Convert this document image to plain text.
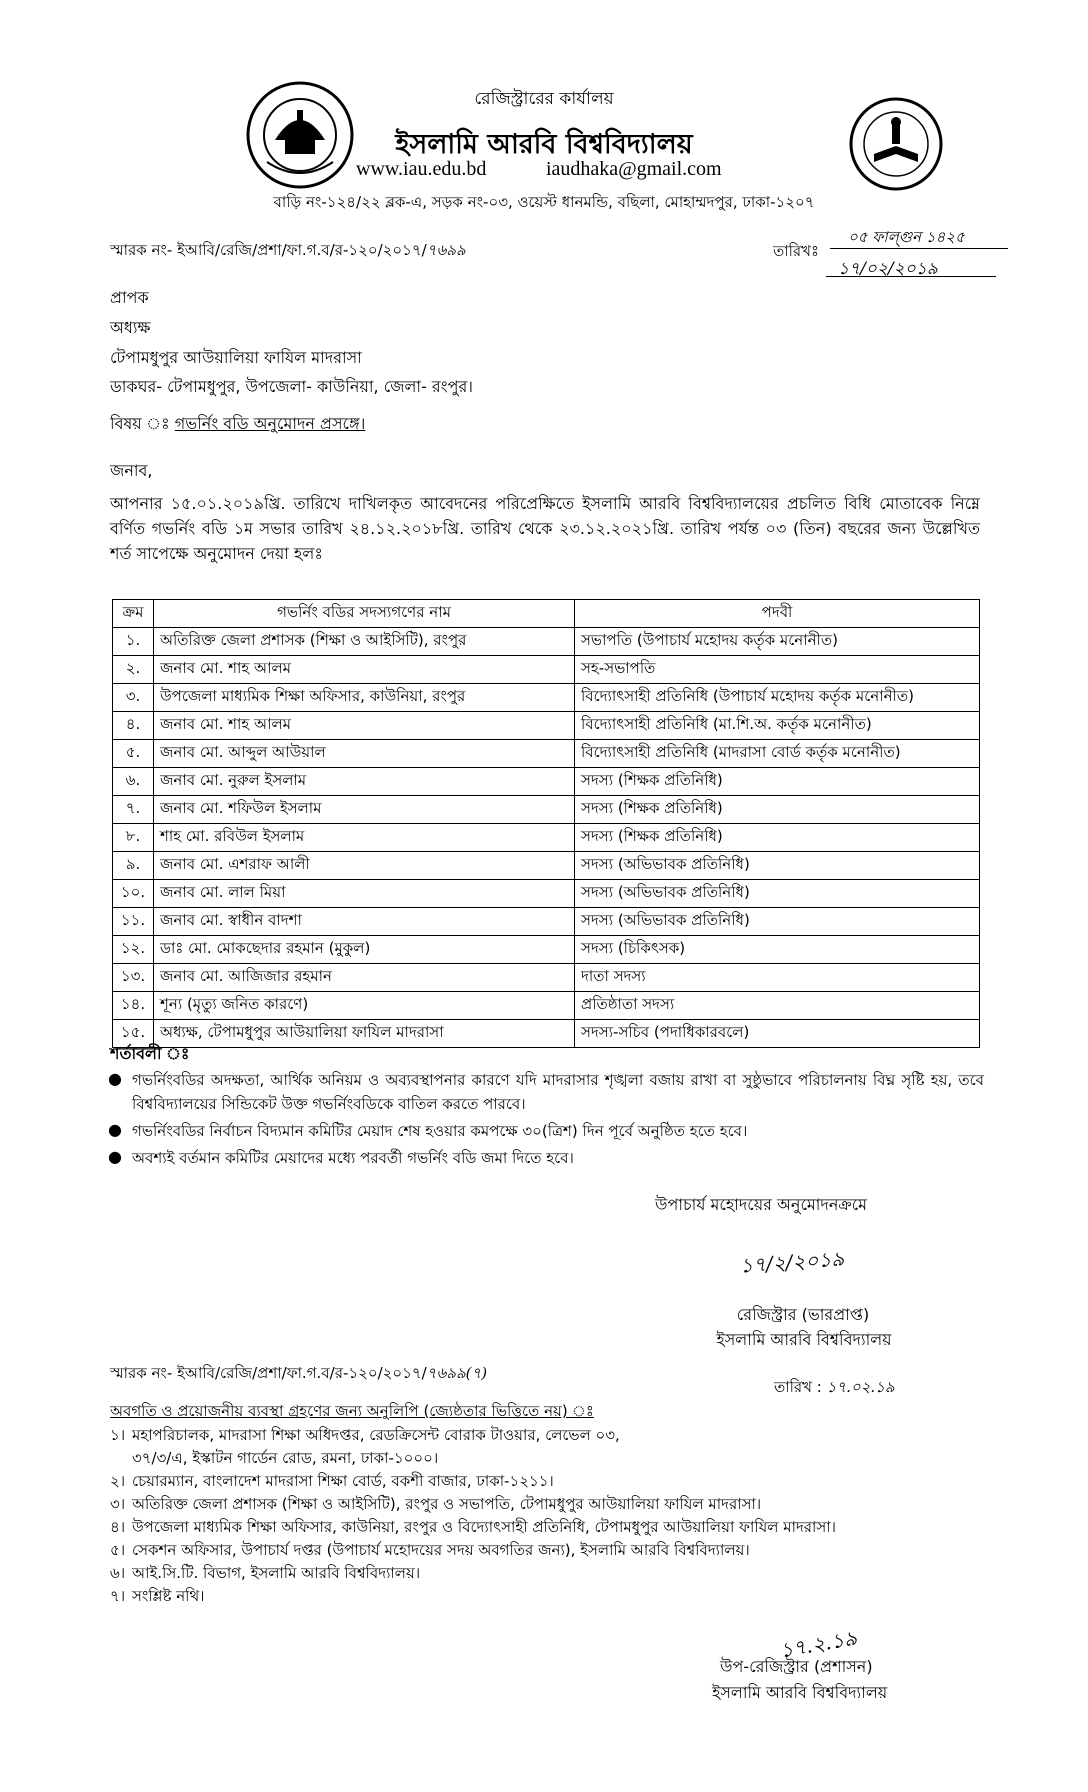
রেজিস্ট্রারের কার্যালয়
ইসলামি আরবি বিশ্ববিদ্যালয়
www.iau.edu.bd	iaudhaka@gmail.com
বাড়ি নং-১২৪/২২ ব্লক-এ, সড়ক নং-০৩, ওয়েস্ট ধানমন্ডি, বছিলা, মোহাম্মদপুর, ঢাকা-১২০৭
স্মারক নং- ইআবি/রেজি/প্রশা/ফা.গ.ব/র-১২০/২০১৭/৭৬৯৯	তারিখঃ
০৫ ফাল্গুন ১৪২৫
১৭/০২/২০১৯
প্রাপক
অধ্যক্ষ
টেপামধুপুর আউয়ালিয়া ফাযিল মাদরাসা
ডাকঘর- টেপামধুপুর, উপজেলা- কাউনিয়া, জেলা- রংপুর।
বিষয় ঃ গভর্নিং বডি অনুমোদন প্রসঙ্গে।
জনাব,
আপনার ১৫.০১.২০১৯খ্রি. তারিখে দাখিলকৃত আবেদনের পরিপ্রেক্ষিতে ইসলামি আরবি বিশ্ববিদ্যালয়ের প্রচলিত বিধি মোতাবেক নিম্নে বর্ণিত গভর্নিং বডি ১ম সভার তারিখ ২৪.১২.২০১৮খ্রি. তারিখ থেকে ২৩.১২.২০২১খ্রি. তারিখ পর্যন্ত ০৩ (তিন) বছরের জন্য উল্লেখিত শর্ত সাপেক্ষে অনুমোদন দেয়া হলঃ
ক্রম	গভর্নিং বডির সদস্যগণের নাম	পদবী
১.	অতিরিক্ত জেলা প্রশাসক (শিক্ষা ও আইসিটি), রংপুর	সভাপতি (উপাচার্য মহোদয় কর্তৃক মনোনীত)
২.	জনাব মো. শাহ আলম	সহ-সভাপতি
৩.	উপজেলা মাধ্যমিক শিক্ষা অফিসার, কাউনিয়া, রংপুর	বিদ্যোৎসাহী প্রতিনিধি (উপাচার্য মহোদয় কর্তৃক মনোনীত)
৪.	জনাব মো. শাহ আলম	বিদ্যোৎসাহী প্রতিনিধি (মা.শি.অ. কর্তৃক মনোনীত)
৫.	জনাব মো. আব্দুল আউয়াল	বিদ্যোৎসাহী প্রতিনিধি (মাদরাসা বোর্ড কর্তৃক মনোনীত)
৬.	জনাব মো. নুরুল ইসলাম	সদস্য (শিক্ষক প্রতিনিধি)
৭.	জনাব মো. শফিউল ইসলাম	সদস্য (শিক্ষক প্রতিনিধি)
৮.	শাহ মো. রবিউল ইসলাম	সদস্য (শিক্ষক প্রতিনিধি)
৯.	জনাব মো. এশরাফ আলী	সদস্য (অভিভাবক প্রতিনিধি)
১০.	জনাব মো. লাল মিয়া	সদস্য (অভিভাবক প্রতিনিধি)
১১.	জনাব মো. স্বাধীন বাদশা	সদস্য (অভিভাবক প্রতিনিধি)
১২.	ডাঃ মো. মোকছেদার রহমান (মুকুল)	সদস্য (চিকিৎসক)
১৩.	জনাব মো. আজিজার রহমান	দাতা সদস্য
১৪.	শূন্য (মৃত্যু জনিত কারণে)	প্রতিষ্ঠাতা সদস্য
১৫.	অধ্যক্ষ, টেপামধুপুর আউয়ালিয়া ফাযিল মাদরাসা	সদস্য-সচিব (পদাধিকারবলে)
শর্তাবলী ঃ
● গভর্নিংবডির অদক্ষতা, আর্থিক অনিয়ম ও অব্যবস্থাপনার কারণে যদি মাদরাসার শৃঙ্খলা বজায় রাখা বা সুষ্ঠুভাবে পরিচালনায় বিঘ্ন সৃষ্টি হয়, তবে বিশ্ববিদ্যালয়ের সিন্ডিকেট উক্ত গভর্নিংবডিকে বাতিল করতে পারবে।
● গভর্নিংবডির নির্বাচন বিদ্যমান কমিটির মেয়াদ শেষ হওয়ার কমপক্ষে ৩০(ত্রিশ) দিন পূর্বে অনুষ্ঠিত হতে হবে।
● অবশ্যই বর্তমান কমিটির মেয়াদের মধ্যে পরবর্তী গভর্নিং বডি জমা দিতে হবে।
উপাচার্য মহোদয়ের অনুমোদনক্রমে
১৭/২/২০১৯
রেজিস্ট্রার (ভারপ্রাপ্ত)
ইসলামি আরবি বিশ্ববিদ্যালয়
স্মারক নং- ইআবি/রেজি/প্রশা/ফা.গ.ব/র-১২০/২০১৭/৭৬৯৯(৭)
তারিখ : ১৭.০২.১৯
অবগতি ও প্রয়োজনীয় ব্যবস্থা গ্রহণের জন্য অনুলিপি (জ্যেষ্ঠতার ভিত্তিতে নয়) ঃ
১। মহাপরিচালক, মাদরাসা শিক্ষা অধিদপ্তর, রেডক্রিসেন্ট বোরাক টাওয়ার, লেভেল ০৩,
৩৭/৩/এ, ইস্কাটন গার্ডেন রোড, রমনা, ঢাকা-১০০০।
২। চেয়ারম্যান, বাংলাদেশ মাদরাসা শিক্ষা বোর্ড, বকশী বাজার, ঢাকা-১২১১।
৩। অতিরিক্ত জেলা প্রশাসক (শিক্ষা ও আইসিটি), রংপুর ও সভাপতি, টেপামধুপুর আউয়ালিয়া ফাযিল মাদরাসা।
৪। উপজেলা মাধ্যমিক শিক্ষা অফিসার, কাউনিয়া, রংপুর ও বিদ্যোৎসাহী প্রতিনিধি, টেপামধুপুর আউয়ালিয়া ফাযিল মাদরাসা।
৫। সেকশন অফিসার, উপাচার্য দপ্তর (উপাচার্য মহোদয়ের সদয় অবগতির জন্য), ইসলামি আরবি বিশ্ববিদ্যালয়।
৬। আই.সি.টি. বিভাগ, ইসলামি আরবি বিশ্ববিদ্যালয়।
৭। সংশ্লিষ্ট নথি।
১৭.২.১৯
উপ-রেজিস্ট্রার (প্রশাসন)
ইসলামি আরবি বিশ্ববিদ্যালয়
